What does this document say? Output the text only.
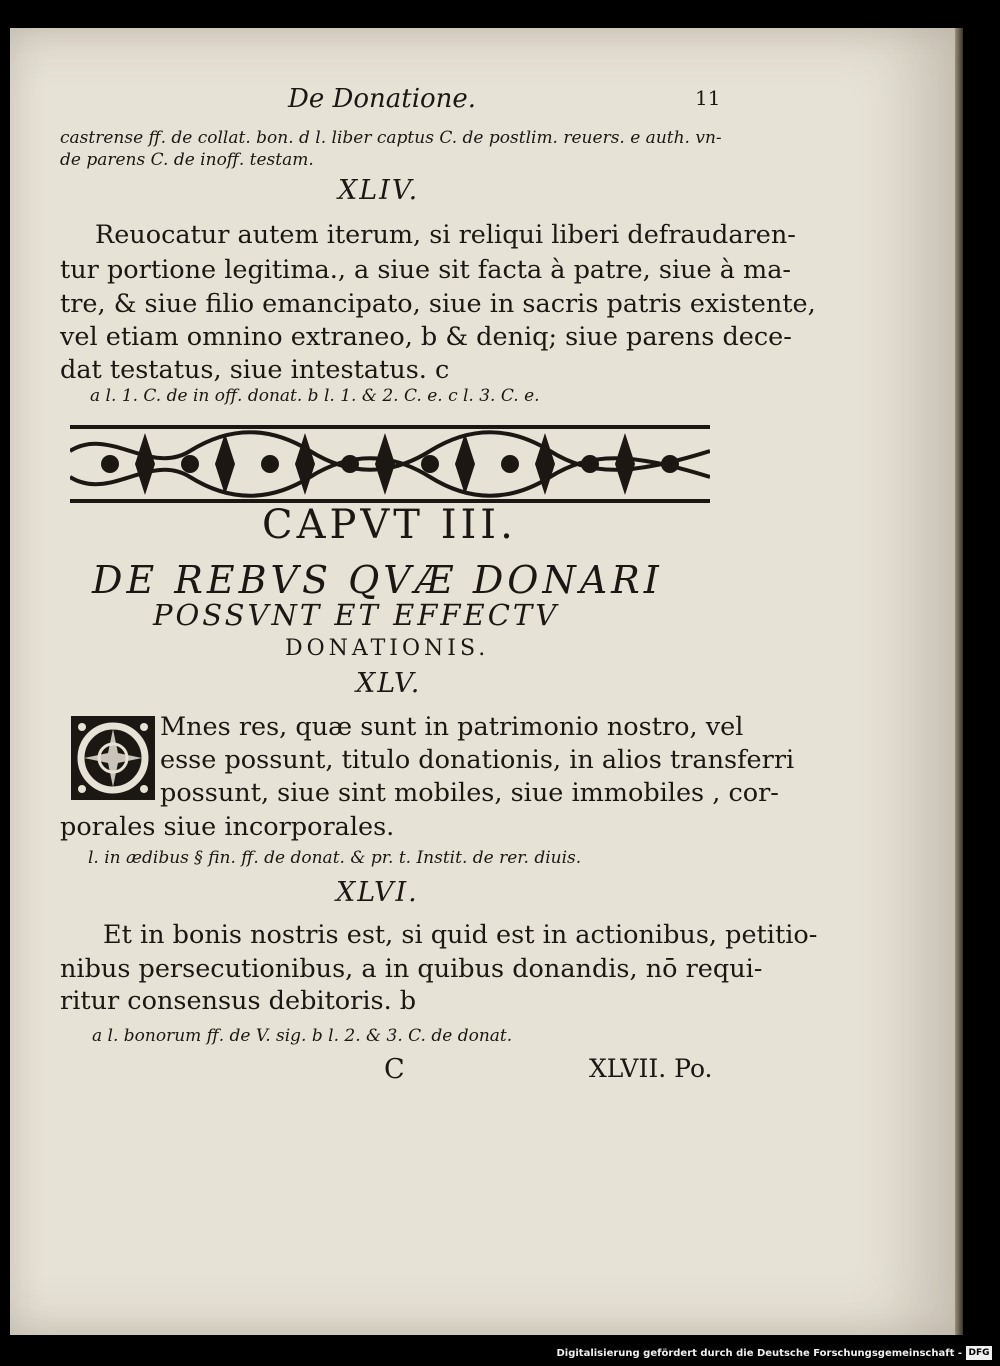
De Donatione.	11
castrense ff. de collat. bon. d l. liber captus C. de postlim. reuers. e auth. vn-
de parens C. de inoff. testam.
XLIV.
Reuocatur autem iterum, si reliqui liberi defraudaren-
tur portione legitima., a siue sit facta à patre, siue à ma-
tre, & siue filio emancipato, siue in sacris patris existente,
vel etiam omnino extraneo, b & deniq; siue parens dece-
dat testatus, siue intestatus. c
a l. 1. C. de in off. donat. b l. 1. & 2. C. e. c l. 3. C. e.
CAPVT III.
DE REBVS QVÆ DONARI
POSSVNT ET EFFECTV
DONATIONIS.
XLV.
Mnes res, quæ sunt in patrimonio nostro, vel
esse possunt, titulo donationis, in alios transferri
possunt, siue sint mobiles, siue immobiles , cor-
porales siue incorporales.
l. in ædibus § fin. ff. de donat. & pr. t. Instit. de rer. diuis.
XLVI.
Et in bonis nostris est, si quid est in actionibus, petitio-
nibus persecutionibus, a in quibus donandis, nō requi-
ritur consensus debitoris. b
a l. bonorum ff. de V. sig. b l. 2. & 3. C. de donat.
C	XLVII. Po.
Digitalisierung gefördert durch die Deutsche Forschungsgemeinschaft - DFG
